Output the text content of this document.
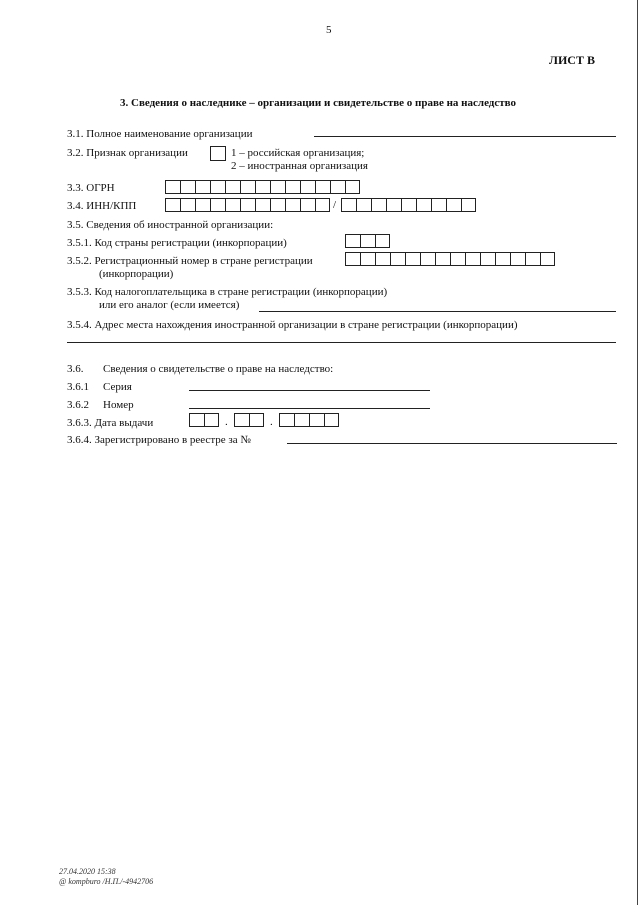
5
ЛИСТ В
3. Сведения о наследнике – организации и свидетельстве о праве на наследство
3.1. Полное наименование организации
3.2. Признак организации	1 – российская организация;
2 – иностранная организация
3.3. ОГРН
3.4. ИНН/КПП	/
3.5. Сведения об иностранной организации:
3.5.1. Код страны регистрации (инкорпорации)
3.5.2. Регистрационный номер в стране регистрации
(инкорпорации)
3.5.3. Код налогоплательщика в стране регистрации (инкорпорации)
или его аналог (если имеется)
3.5.4. Адрес места нахождения иностранной организации в стране регистрации (инкорпорации)
3.6. Сведения о свидетельстве о праве на наследство:
3.6.1 Серия
3.6.2 Номер
3.6.3. Дата выдачи	.	.
3.6.4. Зарегистрировано в реестре за №
27.04.2020 15:38
@ kompburo /Н.П./-4942706
